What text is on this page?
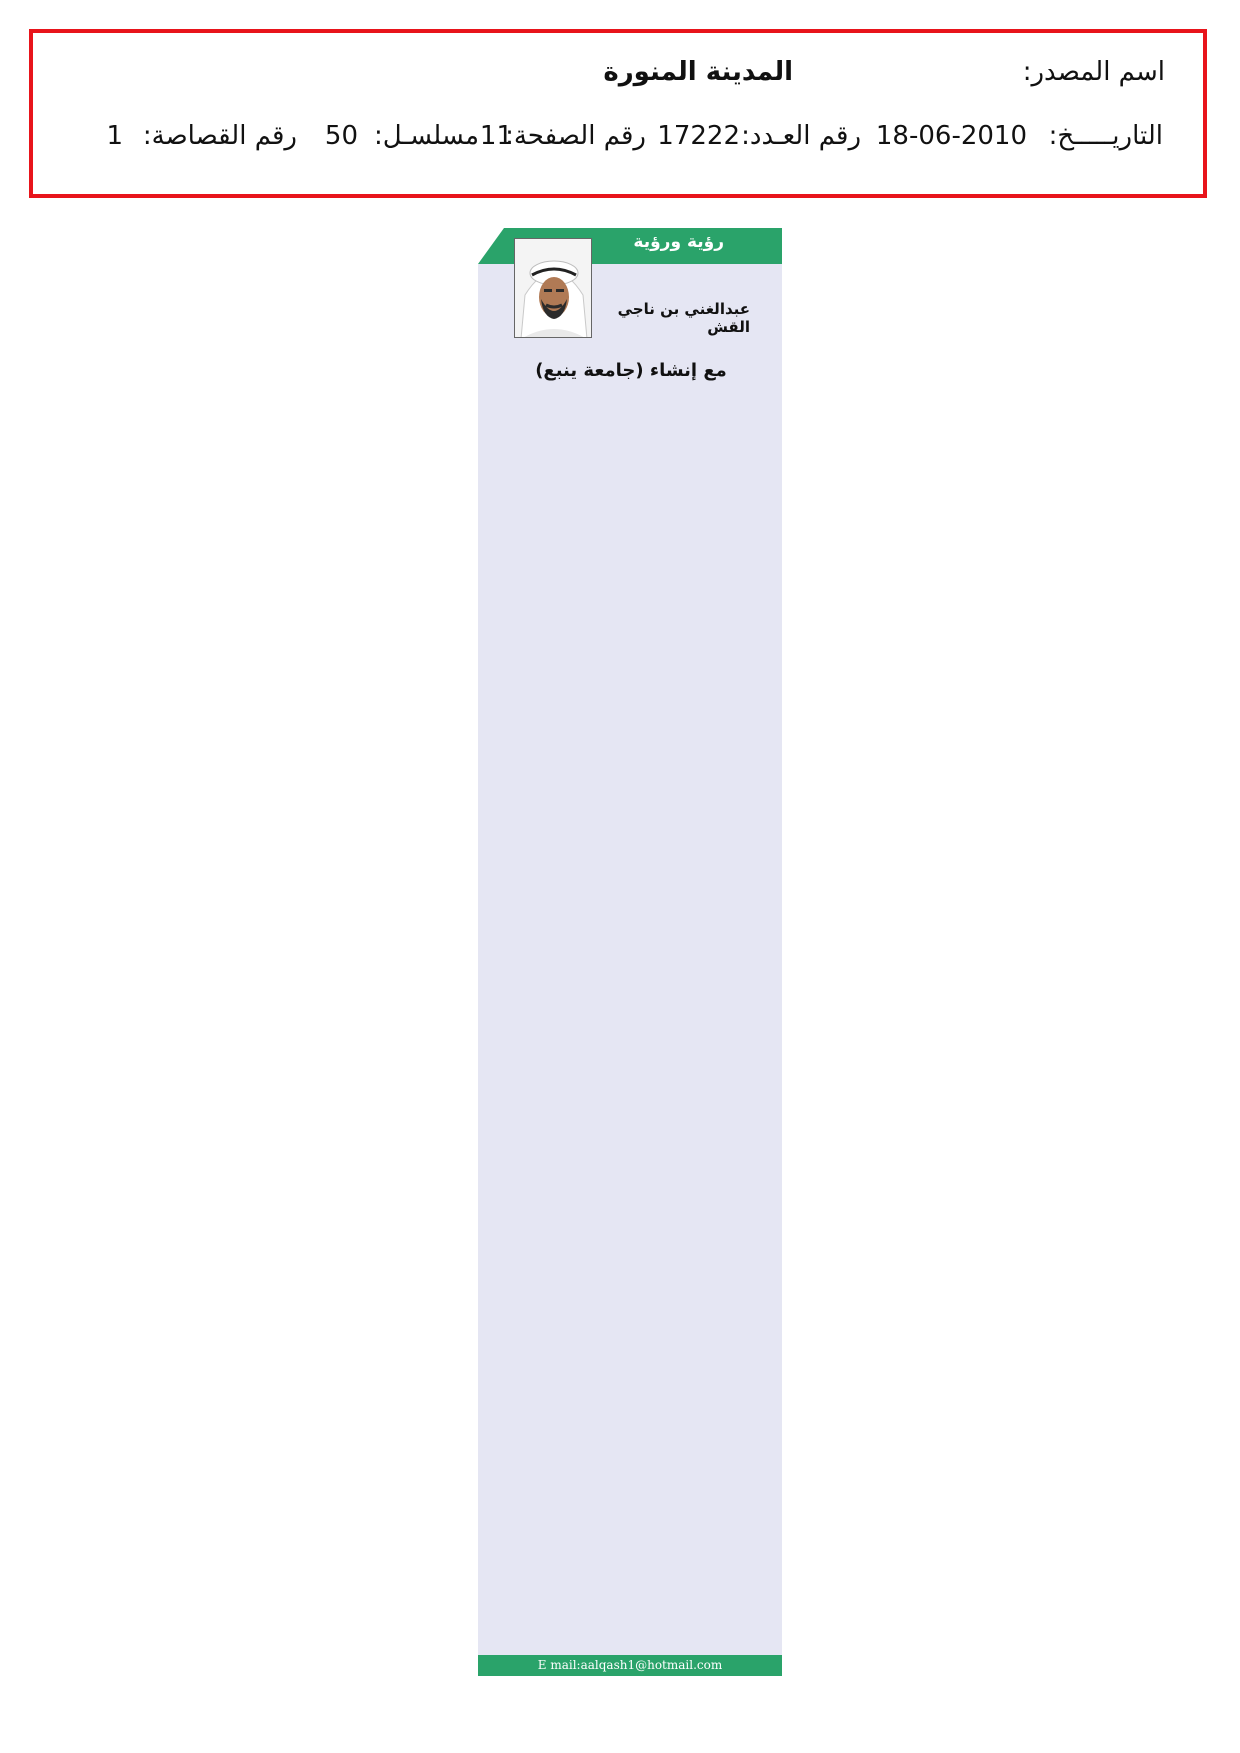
اسم المصدر:
المدينة المنورة
التاريـــــخ:
18-06-2010
رقم العـدد:
17222
رقم الصفحة:
11
مسلسـل:
50
رقم القصاصة:
1
رؤية ورؤية
عبدالغني بن ناجي القش
مع إنشاء (جامعة ينبع)

E mail:aalqash1@hotmail.com
